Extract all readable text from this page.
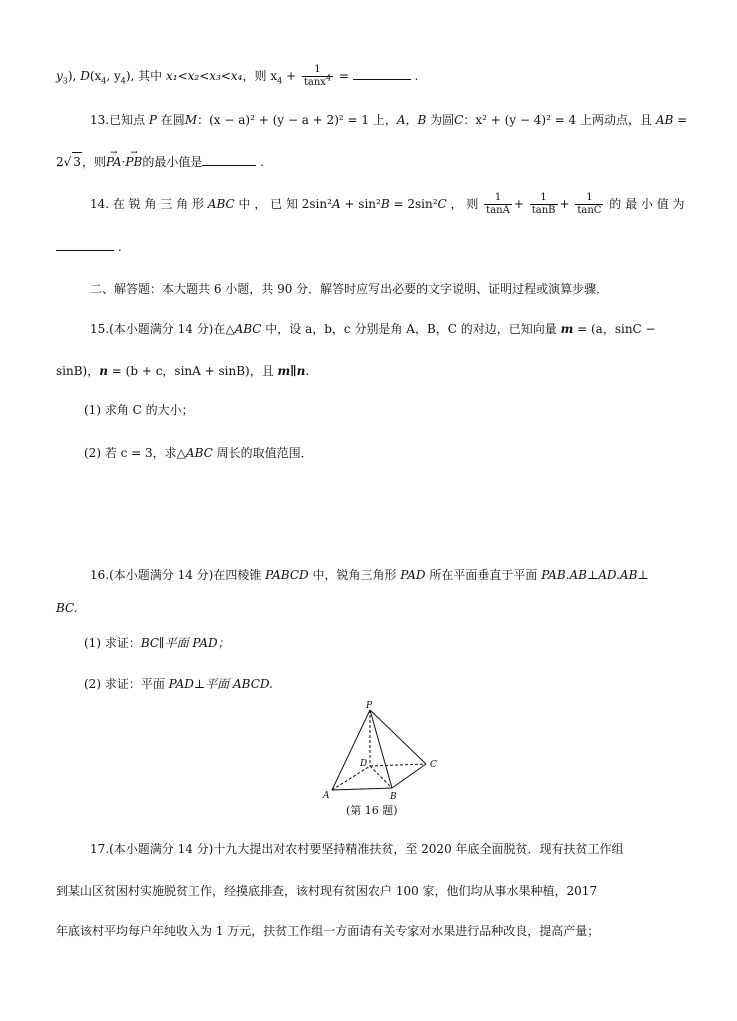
$y_3$), $D(x_4$, $y_4$), 其中 x₁<x₂<x₃<x₄，则 $x_4 + \frac{1}{\tan x^4}$ =	.
13.已知点 P 在圆M：(x − a)² + (y − a + 2)² = 1 上，A，B 为圆C：x² + (y − 4)² = 4 上两动点，且 AB =
2√ 3，则→ PA·→ PB的最小值是	.
14. 在 锐 角 三 角 形 ABC 中 ， 已 知 2sin²A + sin²B = 2sin²C ， 则 $\frac{1}{\tan A} + \frac{1}{\tan B} + \frac{1}{\tan C}$ 的 最 小 值 为
.
二、解答题：本大题共 6 小题，共 90 分．解答时应写出必要的文字说明、证明过程或演算步骤．
15.(本小题满分 14 分)在△ABC 中，设 a，b，c 分别是角 A，B，C 的对边，已知向量 m = (a，sinC −
sinB)，n = (b + c，sinA + sinB)，且 m∥n.
(1) 求角 C 的大小；
(2) 若 c = 3，求△ABC 周长的取值范围．
16.(本小题满分 14 分)在四棱锥 PABCD 中，锐角三角形 PAD 所在平面垂直于平面 PAB.AB⊥AD.AB⊥
BC.
(1) 求证：BC∥平面 PAD；
(2) 求证：平面 PAD⊥平面 ABCD.
P
D	C
A	B
(第 16 题)
17.(本小题满分 14 分)十九大提出对农村要坚持精准扶贫，至 2020 年底全面脱贫．现有扶贫工作组
到某山区贫困村实施脱贫工作，经摸底排查，该村现有贫困农户 100 家，他们均从事水果种植，2017
年底该村平均每户年纯收入为 1 万元，扶贫工作组一方面请有关专家对水果进行品种改良，提高产量；
